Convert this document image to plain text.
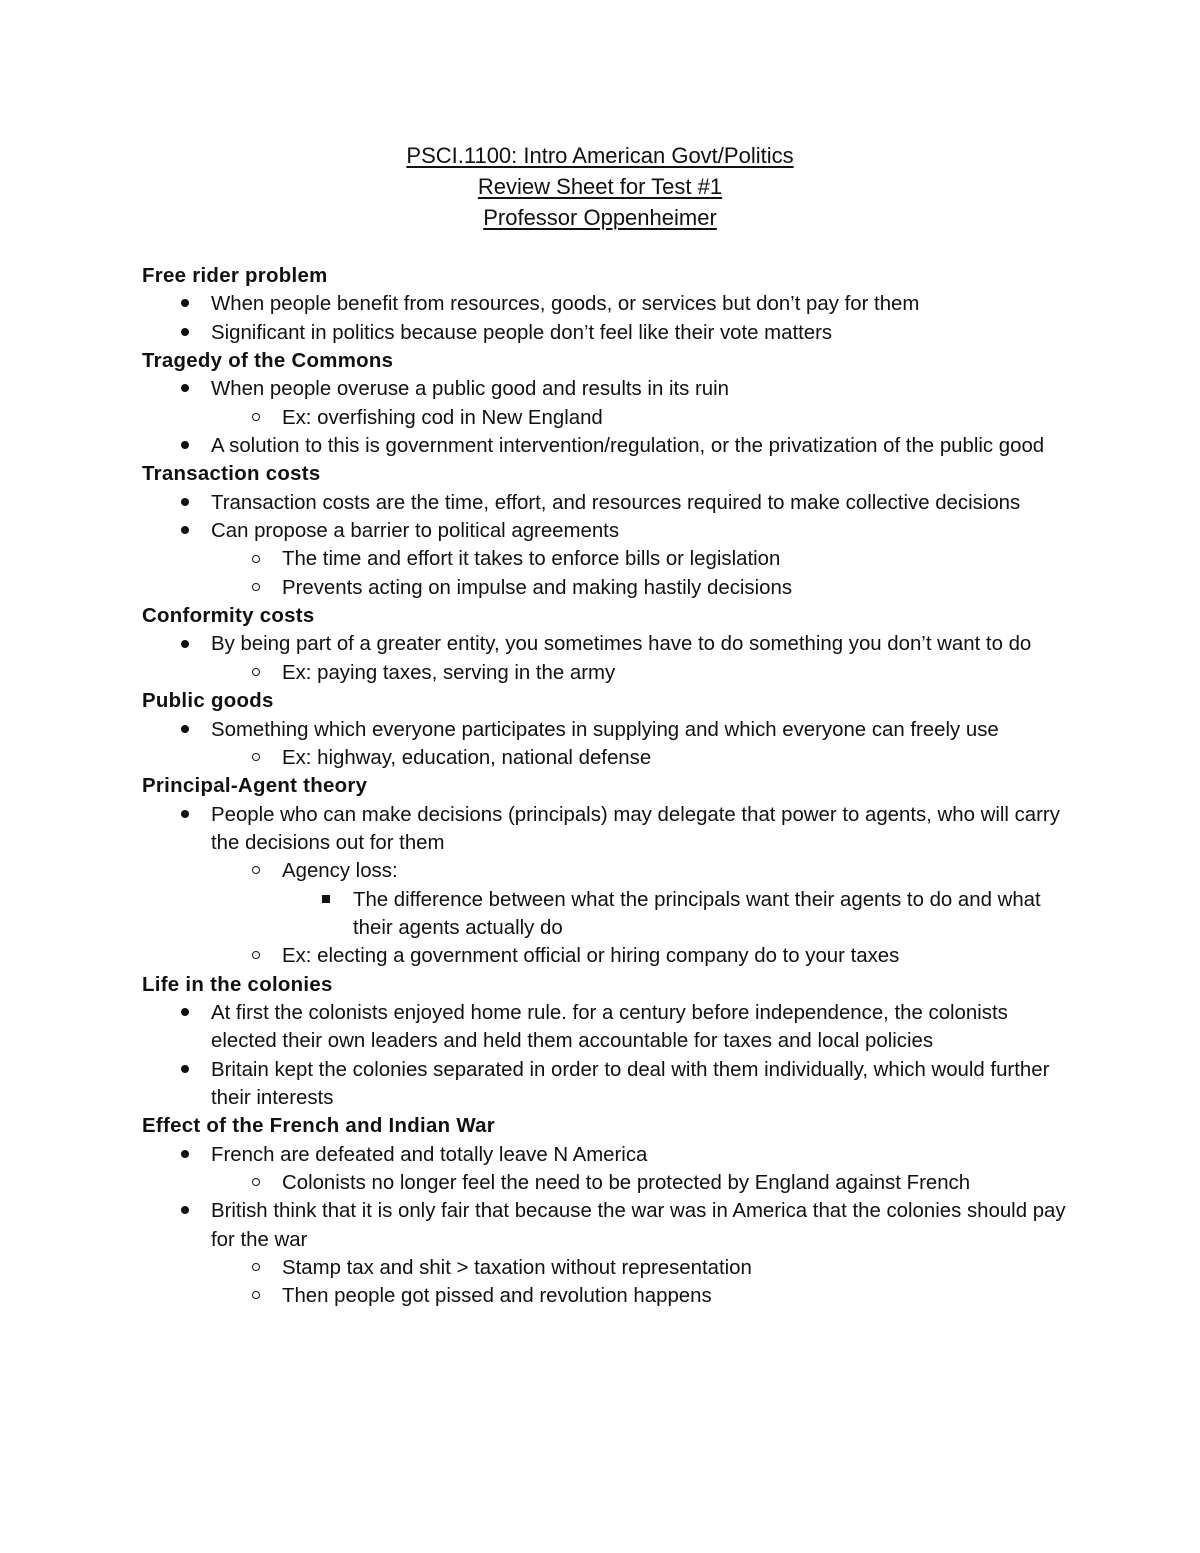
PSCI.1100: Intro American Govt/Politics
Review Sheet for Test #1
Professor Oppenheimer
Free rider problem
When people benefit from resources, goods, or services but don’t pay for them
Significant in politics because people don’t feel like their vote matters
Tragedy of the Commons
When people overuse a public good and results in its ruin
Ex: overfishing cod in New England
A solution to this is government intervention/regulation, or the privatization of the public good
Transaction costs
Transaction costs are the time, effort, and resources required to make collective decisions
Can propose a barrier to political agreements
The time and effort it takes to enforce bills or legislation
Prevents acting on impulse and making hastily decisions
Conformity costs
By being part of a greater entity, you sometimes have to do something you don’t want to do
Ex: paying taxes, serving in the army
Public goods
Something which everyone participates in supplying and which everyone can freely use
Ex: highway, education, national defense
Principal-Agent theory
People who can make decisions (principals) may delegate that power to agents, who will carry the decisions out for them
Agency loss:
The difference between what the principals want their agents to do and what their agents actually do
Ex: electing a government official or hiring company do to your taxes
Life in the colonies
At first the colonists enjoyed home rule. for a century before independence, the colonists elected their own leaders and held them accountable for taxes and local policies
Britain kept the colonies separated in order to deal with them individually, which would further their interests
Effect of the French and Indian War
French are defeated and totally leave N America
Colonists no longer feel the need to be protected by England against French
British think that it is only fair that because the war was in America that the colonies should pay for the war
Stamp tax and shit > taxation without representation
Then people got pissed and revolution happens
